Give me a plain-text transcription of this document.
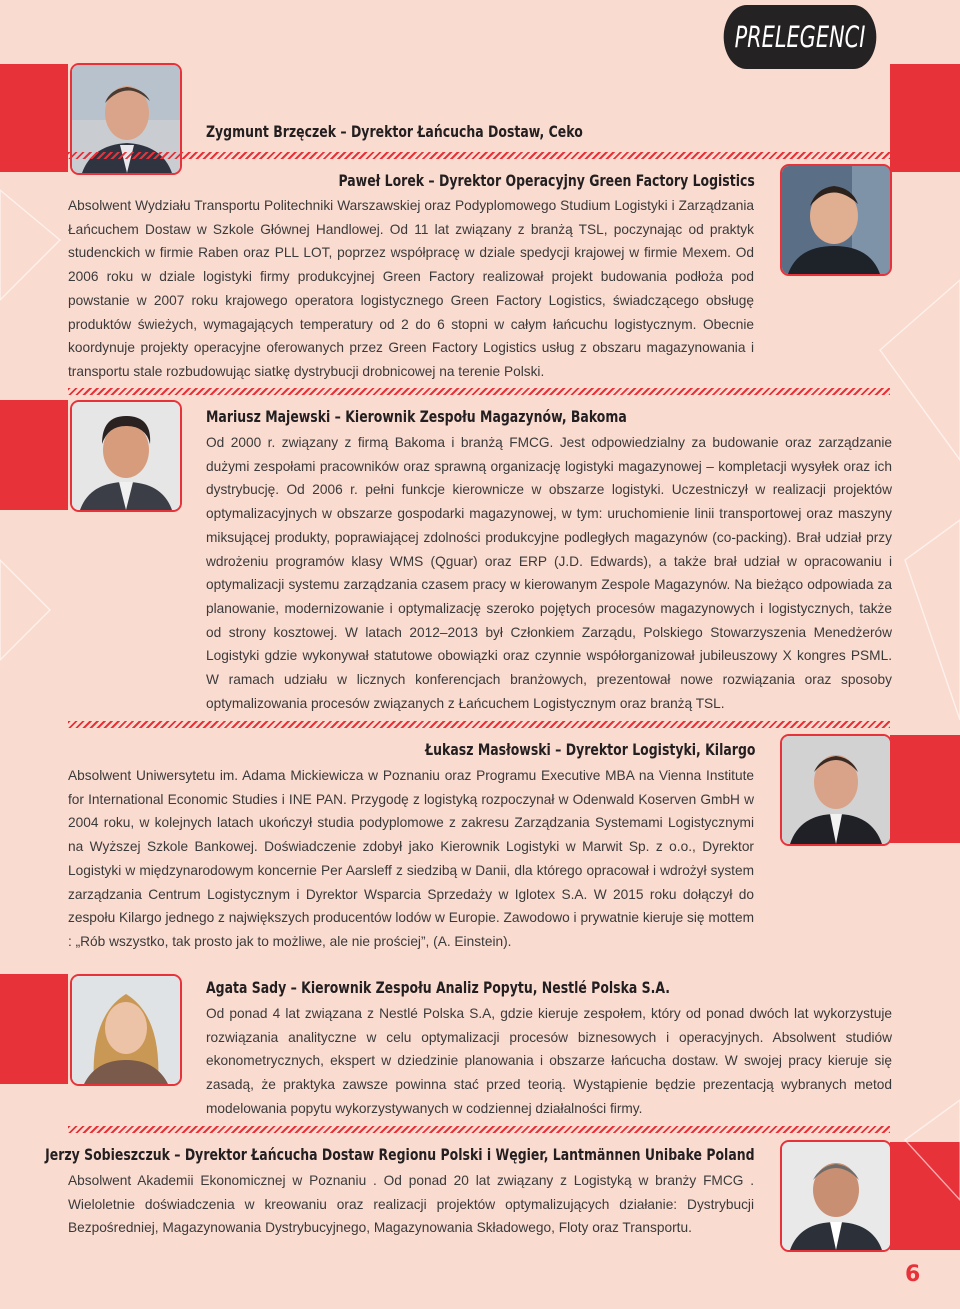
PRELEGENCI
Zygmunt Brzęczek – Dyrektor Łańcucha Dostaw, Ceko
Paweł Lorek – Dyrektor Operacyjny Green Factory Logistics
Absolwent Wydziału Transportu Politechniki Warszawskiej oraz Podyplomowego Studium Logistyki i Zarządzania Łańcuchem Dostaw w Szkole Głównej Handlowej. Od 11 lat związany z branżą TSL, poczynając od praktyk studenckich w firmie Raben oraz PLL LOT, poprzez współpracę w dziale spedycji krajowej w firmie Mexem. Od 2006 roku w dziale logistyki firmy produkcyjnej Green Factory realizował projekt budowania podłoża pod powstanie w 2007 roku krajowego operatora logistycznego Green Factory Logistics, świadczącego obsługę produktów świeżych, wymagających temperatury od 2 do 6 stopni w całym łańcuchu logistycznym. Obecnie koordynuje projekty operacyjne oferowanych przez Green Factory Logistics usług z obszaru magazynowania i transportu stale rozbudowując siatkę dystrybucji drobnicowej na terenie Polski.
Mariusz Majewski – Kierownik Zespołu Magazynów, Bakoma
Od 2000 r. związany z firmą Bakoma i branżą FMCG. Jest odpowiedzialny za budowanie oraz zarządzanie dużymi zespołami pracowników oraz sprawną organizację logistyki magazynowej – kompletacji wysyłek oraz ich dystrybucję. Od 2006 r. pełni funkcje kierownicze w obszarze logistyki. Uczestniczył w realizacji projektów optymalizacyjnych w obszarze gospodarki magazynowej, w tym: uruchomienie linii transportowej oraz maszyny miksującej produkty, poprawiającej zdolności produkcyjne podległych magazynów (co-packing). Brał udział przy wdrożeniu programów klasy WMS (Qguar) oraz ERP (J.D. Edwards), a także brał udział w opracowaniu i optymalizacji systemu zarządzania czasem pracy w kierowanym Zespole Magazynów. Na bieżąco odpowiada za planowanie, modernizowanie i optymalizację szeroko pojętych procesów magazynowych i logistycznych, także od strony kosztowej. W latach 2012–2013 był Członkiem Zarządu, Polskiego Stowarzyszenia Menedżerów Logistyki gdzie wykonywał statutowe obowiązki oraz czynnie współorganizował jubileuszowy X kongres PSML. W ramach udziału w licznych konferencjach branżowych, prezentował nowe rozwiązania oraz sposoby optymalizowania procesów związanych z Łańcuchem Logistycznym oraz branżą TSL.
Łukasz Masłowski – Dyrektor Logistyki, Kilargo
Absolwent Uniwersytetu im. Adama Mickiewicza w Poznaniu oraz Programu Executive MBA na Vienna Institute for International Economic Studies i INE PAN. Przygodę z logistyką rozpoczynał w Odenwald Koserven GmbH w 2004 roku, w kolejnych latach ukończył studia podyplomowe z zakresu Zarządzania Systemami Logistycznymi na Wyższej Szkole Bankowej. Doświadczenie zdobył jako Kierownik Logistyki w Marwit Sp. z o.o., Dyrektor Logistyki w międzynarodowym koncernie Per Aarsleff z siedzibą w Danii, dla którego opracował i wdrożył system zarządzania Centrum Logistycznym i Dyrektor Wsparcia Sprzedaży w Iglotex S.A. W 2015 roku dołączył do zespołu Kilargo jednego z największych producentów lodów w Europie. Zawodowo i prywatnie kieruje się mottem : „Rób wszystko, tak prosto jak to możliwe, ale nie prościej”, (A. Einstein).
Agata Sady – Kierownik Zespołu Analiz Popytu, Nestlé Polska S.A.
Od ponad 4 lat związana z Nestlé Polska S.A, gdzie kieruje zespołem, który od ponad dwóch lat wykorzystuje rozwiązania analityczne w celu optymalizacji procesów biznesowych i operacyjnych. Absolwent studiów ekonometrycznych, ekspert w dziedzinie planowania i obszarze łańcucha dostaw. W swojej pracy kieruje się zasadą, że praktyka zawsze powinna stać przed teorią. Wystąpienie będzie prezentacją wybranych metod modelowania popytu wykorzystywanych w codziennej działalności firmy.
Jerzy Sobieszczuk – Dyrektor Łańcucha Dostaw Regionu Polski i Węgier, Lantmännen Unibake Poland
Absolwent Akademii Ekonomicznej w Poznaniu . Od ponad 20 lat związany z Logistyką w branży FMCG . Wieloletnie doświadczenia w kreowaniu oraz realizacji projektów optymalizujących działanie: Dystrybucji Bezpośredniej, Magazynowania Dystrybucyjnego, Magazynowania Składowego, Floty oraz Transportu.
6
